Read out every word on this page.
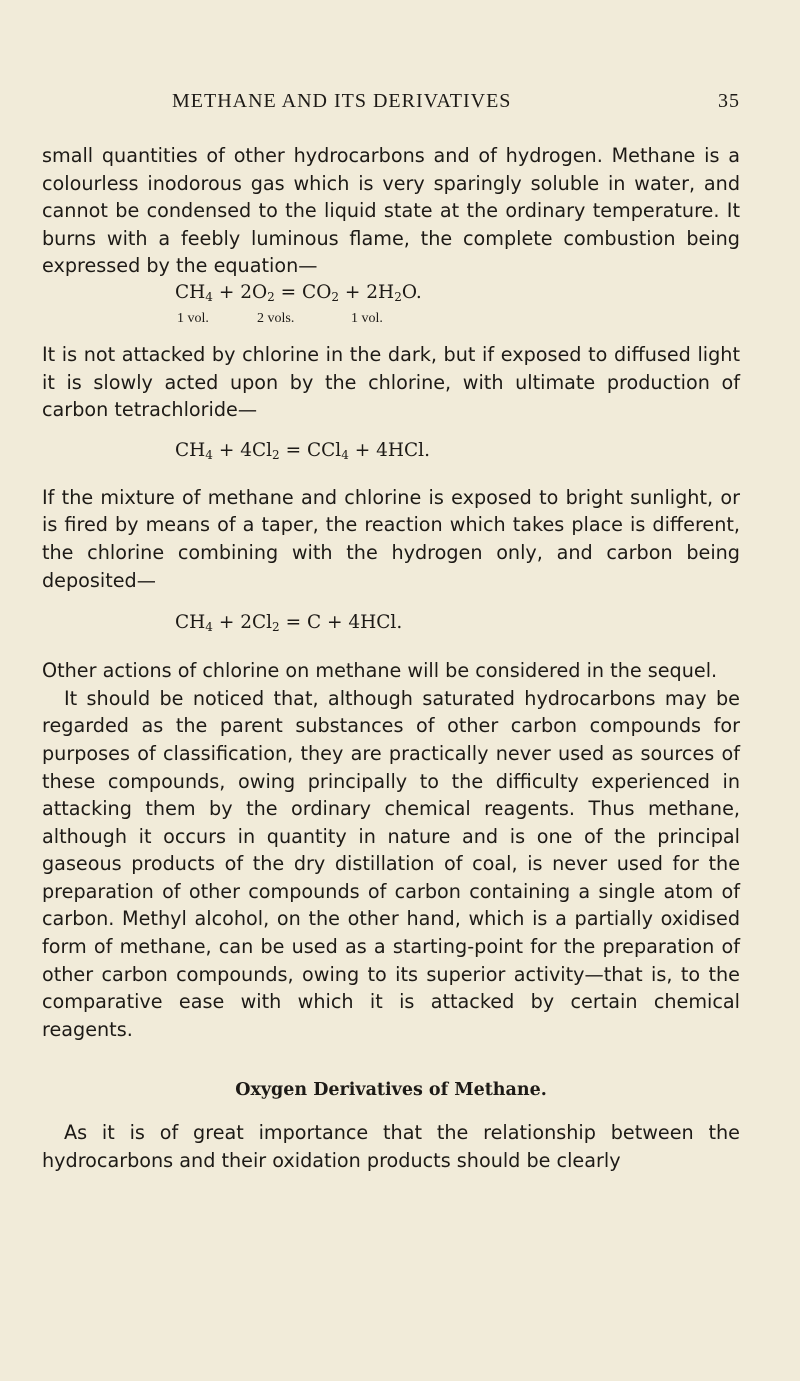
METHANE AND ITS DERIVATIVES	35

small quantities of other hydrocarbons and of hydrogen. Methane is a colourless inodorous gas which is very sparingly soluble in water, and cannot be condensed to the liquid state at the ordinary temperature. It burns with a feebly luminous flame, the complete combustion being expressed by the equation—

$CH_4 + 2O_2 = CO_2 + 2H_2O$.
1 vol.	2 vols.	1 vol.

It is not attacked by chlorine in the dark, but if exposed to diffused light it is slowly acted upon by the chlorine, with ultimate production of carbon tetrachloride—

$CH_4 + 4Cl_2 = CCl_4 + 4HCl$.

If the mixture of methane and chlorine is exposed to bright sunlight, or is fired by means of a taper, the reaction which takes place is different, the chlorine combining with the hydrogen only, and carbon being deposited—

$CH_4 + 2Cl_2 = C + 4HCl$.

Other actions of chlorine on methane will be considered in the sequel.

It should be noticed that, although saturated hydrocarbons may be regarded as the parent substances of other carbon compounds for purposes of classification, they are practically never used as sources of these compounds, owing principally to the difficulty experienced in attacking them by the ordinary chemical reagents. Thus methane, although it occurs in quantity in nature and is one of the principal gaseous products of the dry distillation of coal, is never used for the preparation of other compounds of carbon containing a single atom of carbon. Methyl alcohol, on the other hand, which is a partially oxidised form of methane, can be used as a starting-point for the preparation of other carbon compounds, owing to its superior activity—that is, to the comparative ease with which it is attacked by certain chemical reagents.

Oxygen Derivatives of Methane.

As it is of great importance that the relationship between the hydrocarbons and their oxidation products should be clearly
